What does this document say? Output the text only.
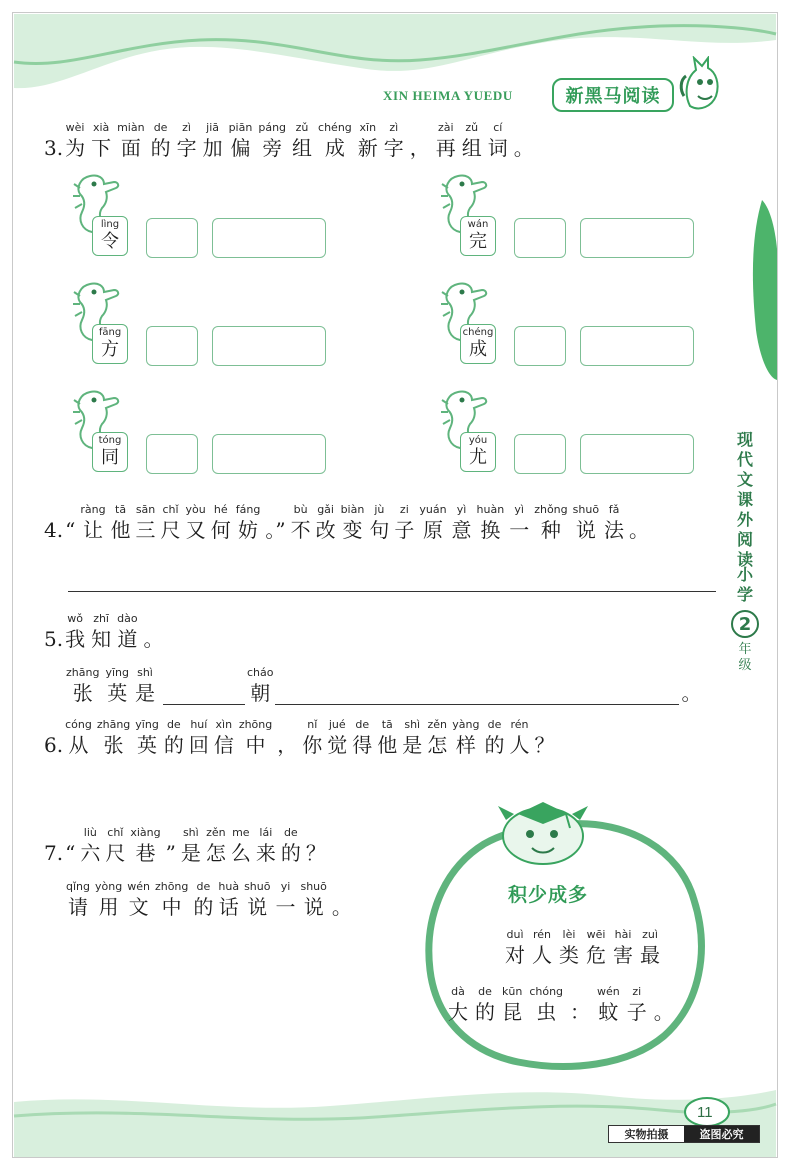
XIN HEIMA YUEDU	新黑马阅读
现代文课外阅读
小学
2
年级
3.
wèi
为
xià
下
miàn
面
de
的
zì
字
jiā
加
piān
偏
páng
旁
zǔ
组
chéng
成
xīn
新
zì
字 ，
zài
再
zǔ
组
cí
词 。
lìng
令
wán
完
fāng
方
chéng
成
tóng
同
yóu
尤
4. “
ràng
让
tā
他
sān
三
chǐ
尺
yòu
又
hé
何
fáng
妨 。”
bù
不
gǎi
改
biàn
变
jù
句
zi
子
yuán
原
yì
意
huàn
换
yì
一
zhǒng
种
shuō
说
fǎ
法 。
5.
wǒ
我
zhī
知
dào
道 。
zhāng
张
yīng
英
shì
是
cháo
朝	。
6.
cóng
从
zhāng
张
yīng
英
de
的
huí
回
xìn
信
zhōng
中 ，
nǐ
你
jué
觉
de
得
tā
他
shì
是
zěn
怎
yàng
样
de
的
rén
人 ？
7. “
liù
六
chǐ
尺
xiàng
巷 ”
shì
是
zěn
怎
me
么
lái
来
de
的 ？
qǐng
请
yòng
用
wén
文
zhōng
中
de
的
huà
话
shuō
说
yi
一
shuō
说 。	积少成多
duì
对
rén
人
lèi
类
wēi
危
hài
害
zuì
最
dà
大
de
的
kūn
昆
chóng
虫 ：
wén
蚊
zi
子 。
11
实物拍摄	盗图必究
